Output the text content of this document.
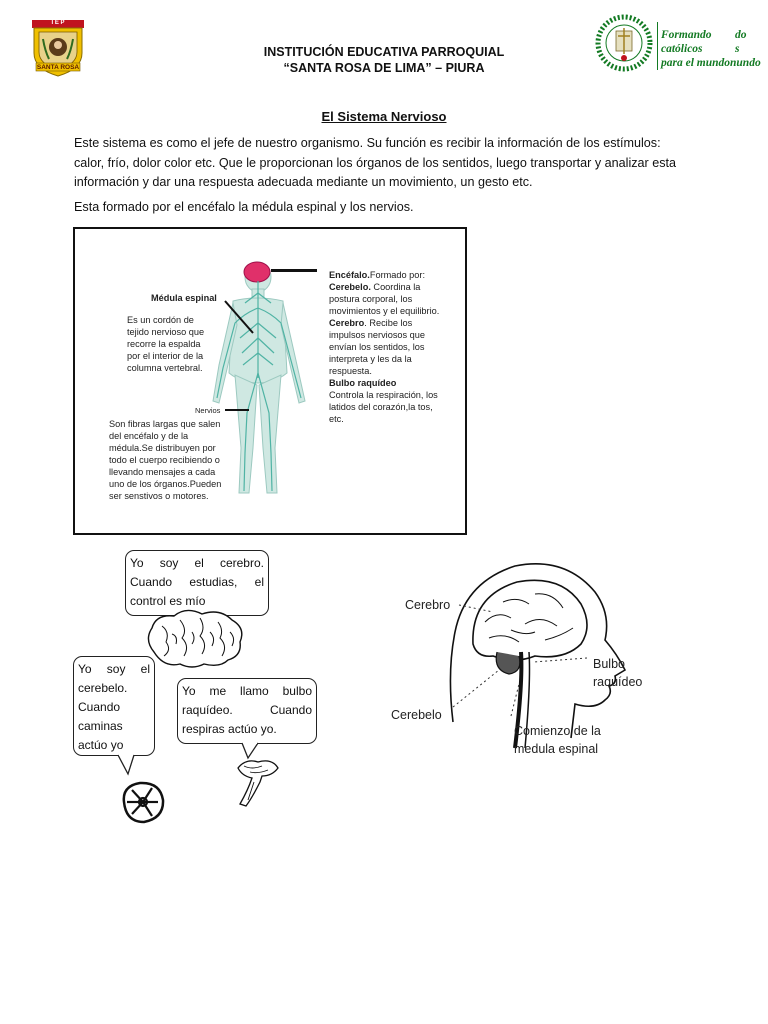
I E P
SANTA ROSA
INSTITUCIÓN EDUCATIVA PARROQUIAL
“SANTA ROSA DE LIMA” – PIURA
Formando do
católicos	s
para el mundonundo
El Sistema Nervioso
Este sistema es como el jefe de nuestro organismo. Su función es recibir la información de los estímulos: calor, frío, dolor color etc. Que le proporcionan los órganos de los sentidos, luego transportar y analizar esta información y dar una respuesta adecuada mediante un movimiento, un gesto etc.
Esta formado por el encéfalo la médula espinal y los nervios.
Médula espinal
Es un cordón de tejido nervioso que recorre la espalda por el interior de la columna vertebral.
Nervios
Son fibras largas que salen del encéfalo y de la médula.Se distribuyen por todo el cuerpo recibiendo o llevando mensajes a cada uno de los órganos.Pueden ser senstivos o motores.
Encéfalo.Formado por:
Cerebelo. Coordina la postura corporal, los movimientos y el equilibrio.
Cerebro. Recibe los impulsos nerviosos que envían los sentidos, los interpreta y les da la respuesta.
Bulbo raquídeo
Controla la respiración, los latidos del corazón,la tos, etc.
Yo soy el cerebro. Cuando estudias, el control es mío
Yo soy el cerebelo. Cuando caminas actúo yo
Yo me llamo bulbo raquídeo. Cuando respiras actúo yo.
Cerebro
Cerebelo
Bulbo
raquídeo
Comienzo de la
medula espinal
